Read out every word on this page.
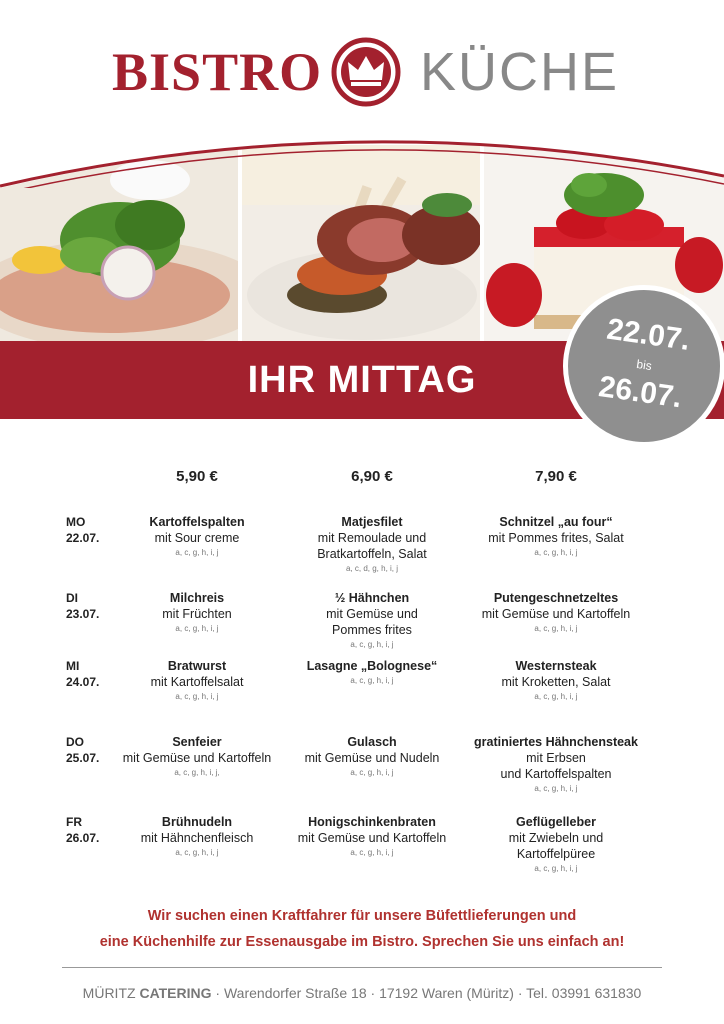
BISTRO KÜCHE
IHR MITTAG
22.07.
bis
26.07.
5,90 €	6,90 €	7,90 €
MO
22.07.
Kartoffelspalten
mit Sour creme
a, c, g, h, i, j
Matjesfilet
mit Remoulade und
Bratkartoffeln, Salat
a, c, d, g, h, i, j
Schnitzel „au four“
mit Pommes frites, Salat
a, c, g, h, i, j
DI
23.07.
Milchreis
mit Früchten
a, c, g, h, i, j
½ Hähnchen
mit Gemüse und
Pommes frites
a, c, g, h, i, j
Putengeschnetzeltes
mit Gemüse und Kartoffeln
a, c, g, h, i, j
MI
24.07.
Bratwurst
mit Kartoffelsalat
a, c, g, h, i, j
Lasagne „Bolognese“
a, c, g, h, i, j
Westernsteak
mit Kroketten, Salat
a, c, g, h, i, j
DO
25.07.
Senfeier
mit Gemüse und Kartoffeln
a, c, g, h, i, j,
Gulasch
mit Gemüse und Nudeln
a, c, g, h, i, j
gratiniertes Hähnchensteak
mit Erbsen
und Kartoffelspalten
a, c, g, h, i, j
FR
26.07.
Brühnudeln
mit Hähnchenfleisch
a, c, g, h, i, j
Honigschinkenbraten
mit Gemüse und Kartoffeln
a, c, g, h, i, j
Geflügelleber
mit Zwiebeln und
Kartoffelpüree
a, c, g, h, i, j
Wir suchen einen Kraftfahrer für unsere Büfettlieferungen und
eine Küchenhilfe zur Essenausgabe im Bistro. Sprechen Sie uns einfach an!
MÜRITZ CATERING · Warendorfer Straße 18 · 17192 Waren (Müritz) · Tel. 03991 631830
